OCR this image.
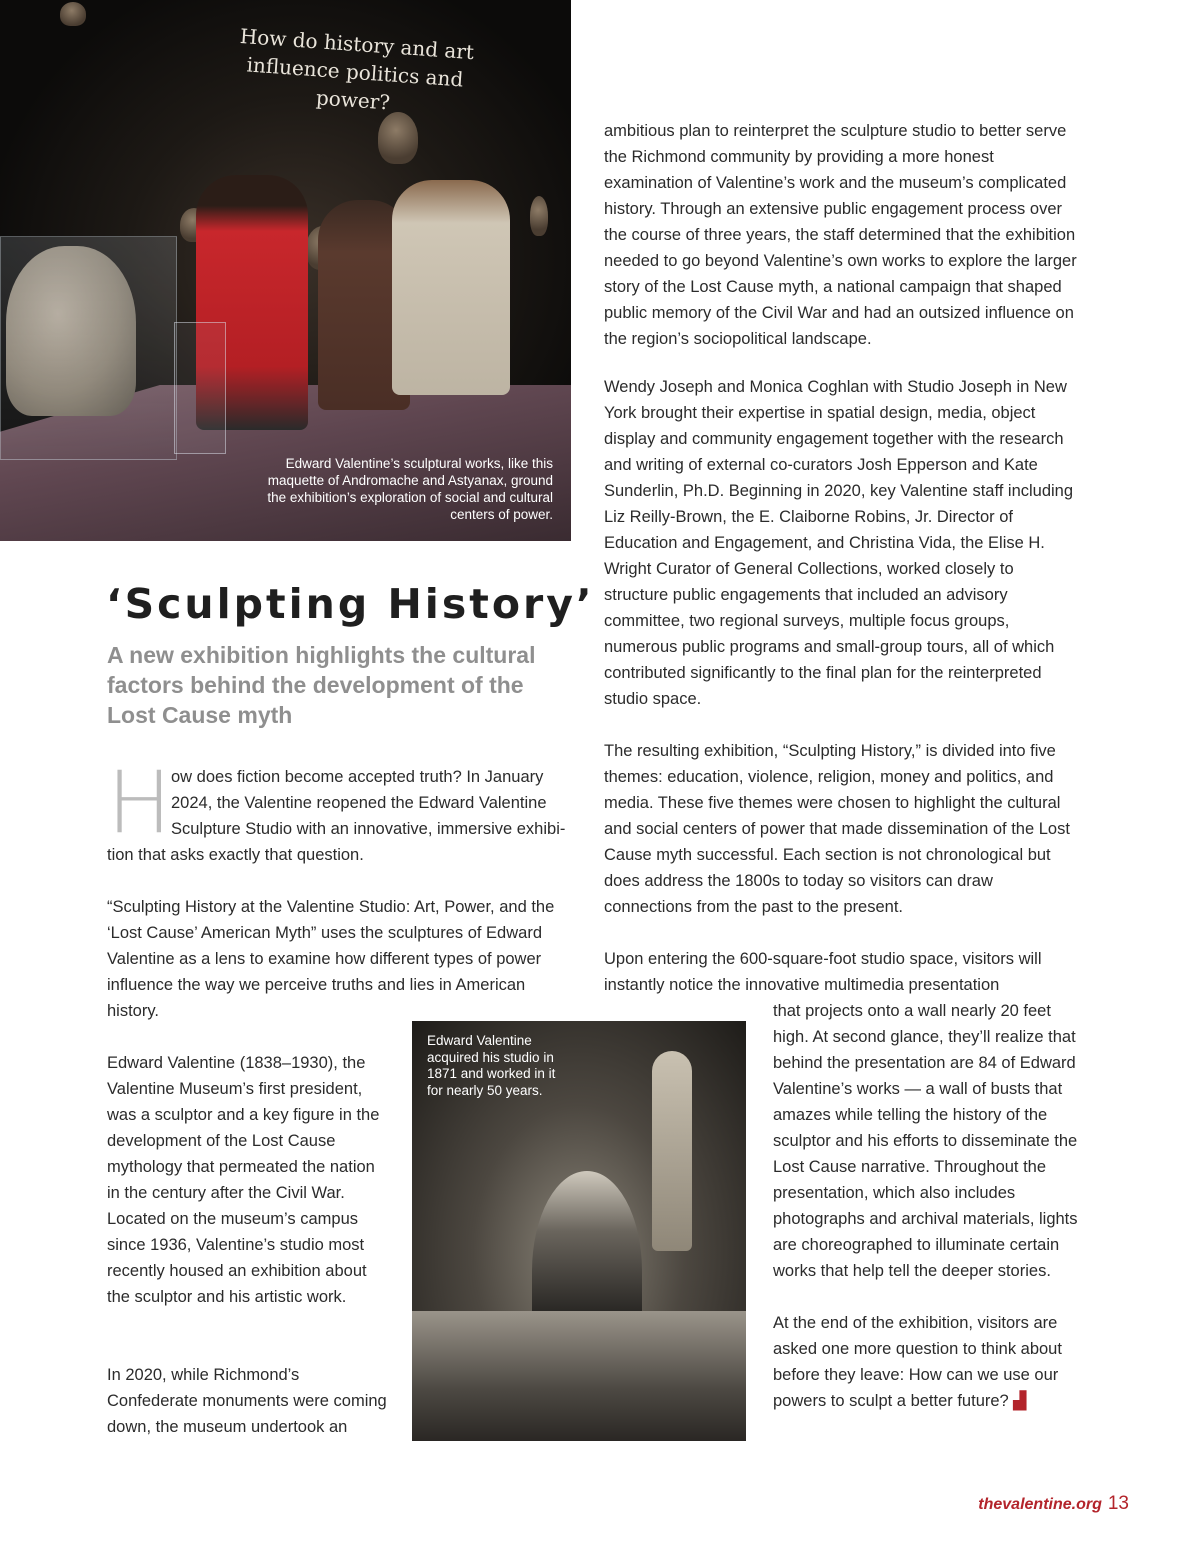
How do history and art influence politics and power?
Edward Valentine’s sculptural works, like this maquette of Andromache and Astyanax, ground the exhibition’s exploration of social and cultural centers of power.
‘Sculpting History’

A new exhibition highlights the cultural factors behind the development of the Lost Cause myth

H ow does fiction become accepted truth? In January

2024, the Valentine reopened the Edward Valentine

Sculpture Studio with an innovative, immersive exhibi-

tion that asks exactly that question.

“Sculpting History at the Valentine Studio: Art, Power, and the ‘Lost Cause’ American Myth” uses the sculptures of Edward Valentine as a lens to examine how different types of power influence the way we perceive truths and lies in American history.

Edward Valentine (1838–1930), the Valentine Museum’s first president, was a sculptor and a key figure in the development of the Lost Cause mythology that permeated the nation in the century after the Civil War. Located on the museum’s campus since 1936, Valentine’s studio most recently housed an exhibition about the sculptor and his artistic work.

In 2020, while Richmond’s Confederate monuments were coming down, the museum undertook an

Edward Valentine acquired his studio in 1871 and worked in it for nearly 50 years.

ambitious plan to reinterpret the sculpture studio to better serve the Richmond community by providing a more honest examination of Valentine’s work and the museum’s complicated history. Through an extensive public engagement process over the course of three years, the staff determined that the exhibition needed to go beyond Valentine’s own works to explore the larger story of the Lost Cause myth, a national campaign that shaped public memory of the Civil War and had an outsized influence on the region’s sociopolitical landscape.

Wendy Joseph and Monica Coghlan with Studio Joseph in New York brought their expertise in spatial design, media, object display and community engagement together with the research and writing of external co-curators Josh Epperson and Kate Sunderlin, Ph.D. Beginning in 2020, key Valentine staff including Liz Reilly-Brown, the E. Claiborne Robins, Jr. Director of Education and Engagement, and Christina Vida, the Elise H. Wright Curator of General Collections, worked closely to structure public engagements that included an advisory committee, two regional surveys, multiple focus groups, numerous public programs and small-group tours, all of which contributed significantly to the final plan for the reinterpreted studio space.

The resulting exhibition, “Sculpting History,” is divided into five themes: education, violence, religion, money and politics, and media. These five themes were chosen to highlight the cultural and social centers of power that made dissemination of the Lost Cause myth successful. Each section is not chronological but does address the 1800s to today so visitors can draw connections from the past to the present.

Upon entering the 600-square-foot studio space, visitors will instantly notice the innovative multimedia presentation

that projects onto a wall nearly 20 feet high. At second glance, they’ll realize that behind the presentation are 84 of Edward Valentine’s works — a wall of busts that amazes while telling the history of the sculptor and his efforts to disseminate the Lost Cause narrative. Throughout the presentation, which also includes photographs and archival materials, lights are choreographed to illuminate certain works that help tell the deeper stories.

At the end of the exhibition, visitors are asked one more question to think about before they leave: How can we use our powers to sculpt a better future? ▟

thevalentine.org 13
